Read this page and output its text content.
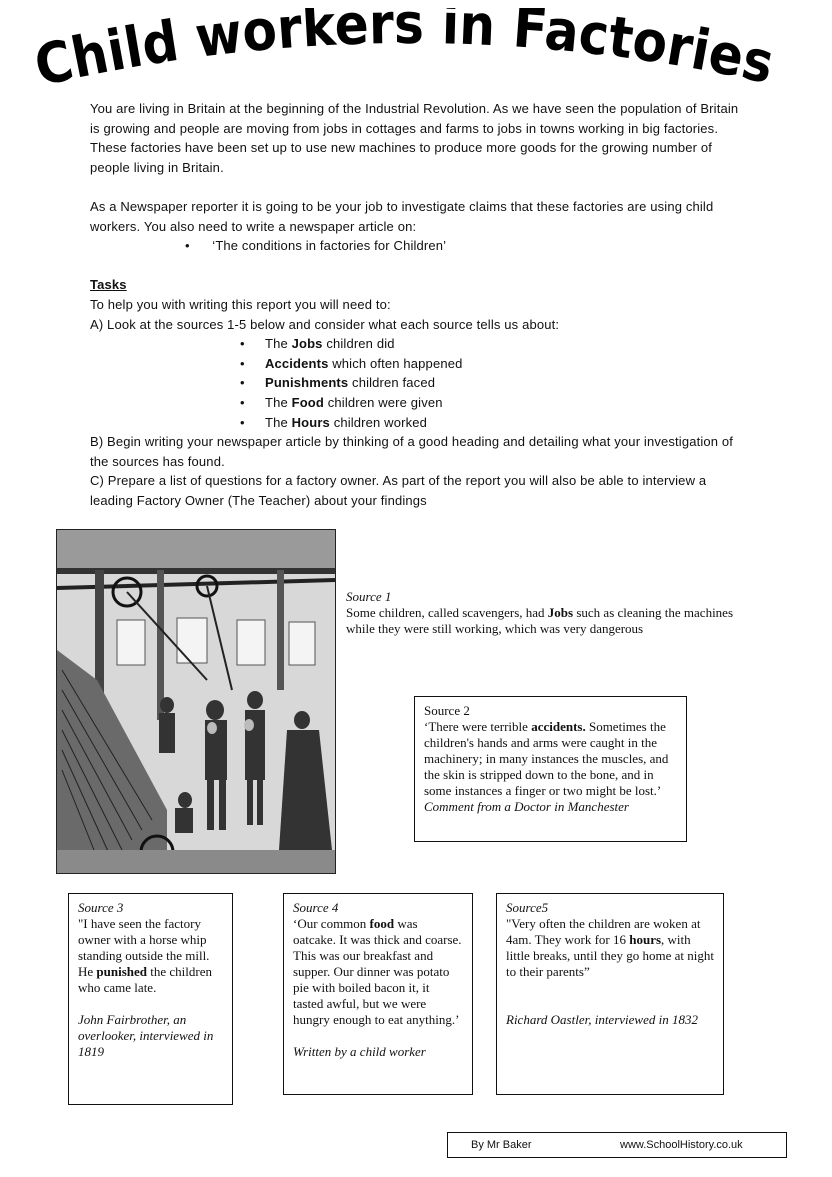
Child workers in Factories

You are living in Britain at the beginning of the Industrial Revolution. As we have seen the population of Britain is growing and people are moving from jobs in cottages and farms to jobs in towns working in big factories. These factories have been set up to use new machines to produce more goods for the growing number of people living in Britain.

As a Newspaper reporter it is going to be your job to investigate claims that these factories are using child workers. You also need to write a newspaper article on:

• ‘The conditions in factories for Children’
Tasks
To help you with writing this report you will need to:
A) Look at the sources 1-5 below and consider what each source tells us about:
• The Jobs children did
• Accidents which often happened
• Punishments children faced
• The Food children were given
• The Hours children worked
B) Begin writing your newspaper article by thinking of a good heading and detailing what your investigation of the sources has found.
C) Prepare a list of questions for a factory owner. As part of the report you will also be able to interview a leading Factory Owner (The Teacher) about your findings
Source 1
Some children, called scavengers, had Jobs such as cleaning the machines while they were still working, which was very dangerous
Source 2
‘There were terrible accidents. Sometimes the children's hands and arms were caught in the machinery; in many instances the muscles, and the skin is stripped down to the bone, and in some instances a finger or two might be lost.’
Comment from a Doctor in Manchester
Source 3
"I have seen the factory owner with a horse whip standing outside the mill. He punished the children who came late.
John Fairbrother, an overlooker, interviewed in 1819
Source 4
‘Our common food was oatcake. It was thick and coarse. This was our breakfast and supper. Our dinner was potato pie with boiled bacon it, it tasted awful, but we were hungry enough to eat anything.’
Written by a child worker
Source5
"Very often the children are woken at 4am. They work for 16 hours, with little breaks, until they go home at night to their parents”
Richard Oastler, interviewed in 1832
By Mr Baker	www.SchoolHistory.co.uk
